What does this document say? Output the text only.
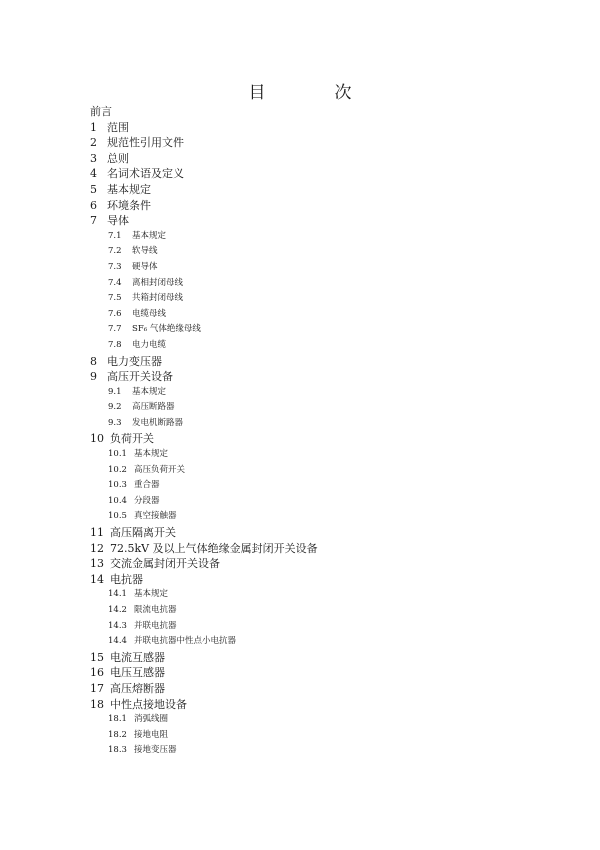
目　次
前言
1 范围
2 规范性引用文件
3 总则
4 名词术语及定义
5 基本规定
6 环境条件
7 导体
7.1 基本规定
7.2 软导线
7.3 硬导体
7.4 离相封闭母线
7.5 共箱封闭母线
7.6 电缆母线
7.7 SF₆ 气体绝缘母线
7.8 电力电缆
8 电力变压器
9 高压开关设备
9.1 基本规定
9.2 高压断路器
9.3 发电机断路器
10 负荷开关
10.1 基本规定
10.2 高压负荷开关
10.3 重合器
10.4 分段器
10.5 真空接触器
11 高压隔离开关
12 72.5kV 及以上气体绝缘金属封闭开关设备
13 交流金属封闭开关设备
14 电抗器
14.1 基本规定
14.2 限流电抗器
14.3 并联电抗器
14.4 并联电抗器中性点小电抗器
15 电流互感器
16 电压互感器
17 高压熔断器
18 中性点接地设备
18.1 消弧线圈
18.2 接地电阻
18.3 接地变压器
